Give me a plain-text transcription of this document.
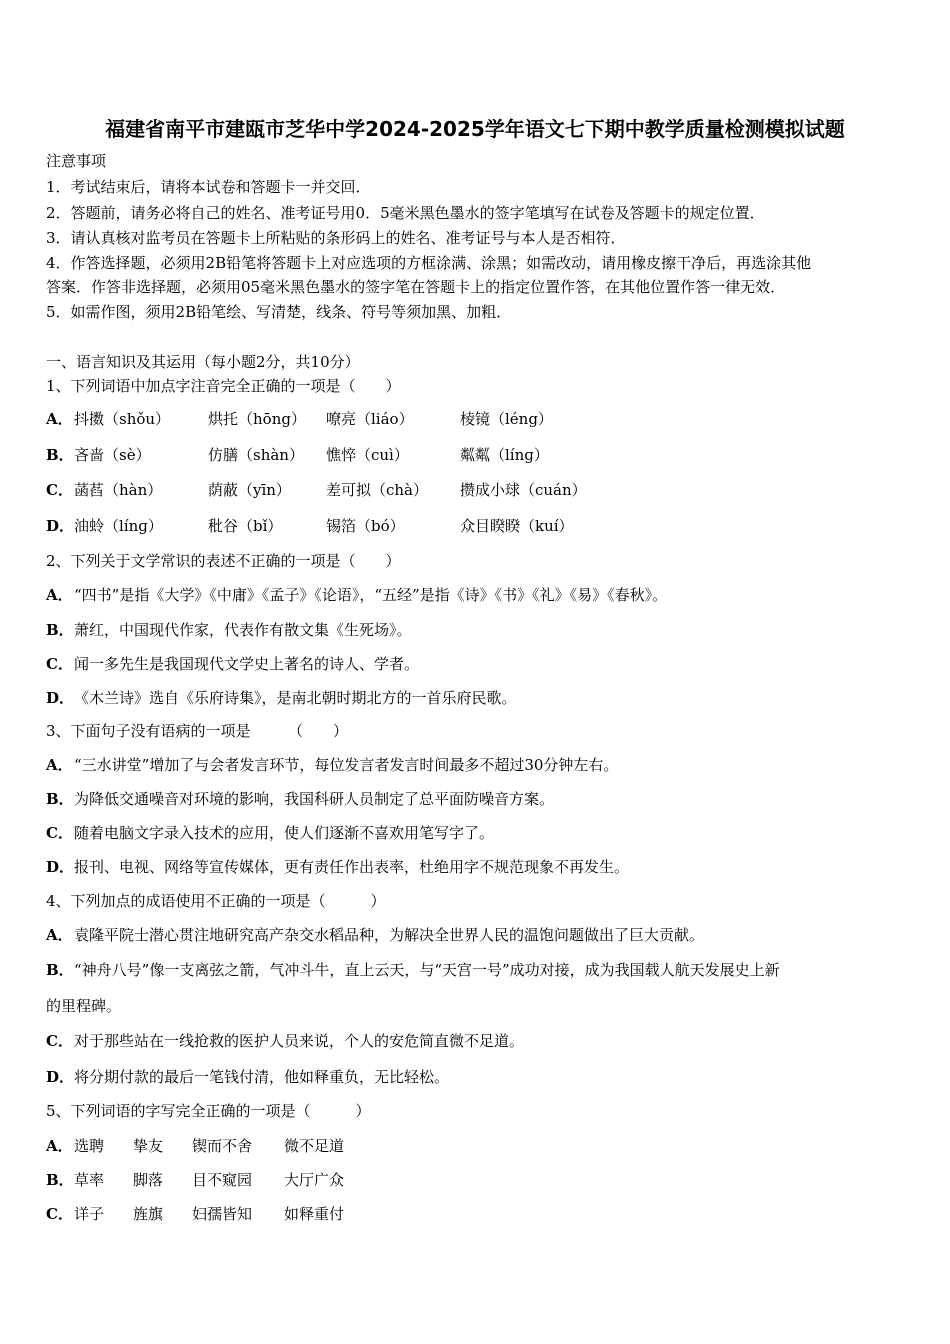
福建省南平市建瓯市芝华中学2024-2025学年语文七下期中教学质量检测模拟试题
注意事项
1．考试结束后，请将本试卷和答题卡一并交回．
2．答题前，请务必将自己的姓名、准考证号用0．5毫米黑色墨水的签字笔填写在试卷及答题卡的规定位置．
3．请认真核对监考员在答题卡上所粘贴的条形码上的姓名、准考证号与本人是否相符．
4．作答选择题，必须用2B铅笔将答题卡上对应选项的方框涂满、涂黑；如需改动，请用橡皮擦干净后，再选涂其他
答案．作答非选择题，必须用05毫米黑色墨水的签字笔在答题卡上的指定位置作答，在其他位置作答一律无效．
5．如需作图，须用2B铅笔绘、写清楚，线条、符号等须加黑、加粗．
一、语言知识及其运用（每小题2分，共10分）
1、下列词语中加点字注音完全正确的一项是（　　）
A． 抖擞（shǒu）	烘托（hōng） 嘹亮（liáo）	棱镜（léng）
B． 吝啬（sè）	仿膳（shàn） 憔悴（cuì）	粼粼（línɡ）
C． 菡萏（hàn）	荫蔽（yīn） 差可拟（chà） 攒成小球（cuán）
D． 油蛉（línɡ）	秕谷（bǐ）	锡箔（bó）	众目睽睽（kuí）
2、下列关于文学常识的表述不正确的一项是（　　）
A．“四书”是指《大学》《中庸》《孟子》《论语》，“五经”是指《诗》《书》《礼》《易》《春秋》。
B．萧红，中国现代作家，代表作有散文集《生死场》。
C．闻一多先生是我国现代文学史上著名的诗人、学者。
D．《木兰诗》选自《乐府诗集》，是南北朝时期北方的一首乐府民歌。
3、下面句子没有语病的一项是　　　（　　）
A．“三水讲堂”增加了与会者发言环节，每位发言者发言时间最多不超过30分钟左右。
B．为降低交通噪音对环境的影响，我国科研人员制定了总平面防噪音方案。
C．随着电脑文字录入技术的应用，使人们逐渐不喜欢用笔写字了。
D．报刊、电视、网络等宣传媒体，更有责任作出表率，杜绝用字不规范现象不再发生。
4、下列加点的成语使用不正确的一项是（　　　）
A．袁隆平院士潜心贯注地研究高产杂交水稻品种，为解决全世界人民的温饱问题做出了巨大贡献。
B．“神舟八号”像一支离弦之箭，气冲斗牛，直上云天，与“天宫一号”成功对接，成为我国载人航天发展史上新
的里程碑。
C．对于那些站在一线抢救的医护人员来说，个人的安危简直微不足道。
D．将分期付款的最后一笔钱付清，他如释重负，无比轻松。
5、下列词语的字写完全正确的一项是（　　　）
A． 选聘 挚友 锲而不舍 微不足道
B． 草率 脚落 目不窥园 大厅广众
C． 详子 旌旗 妇孺皆知 如释重付
